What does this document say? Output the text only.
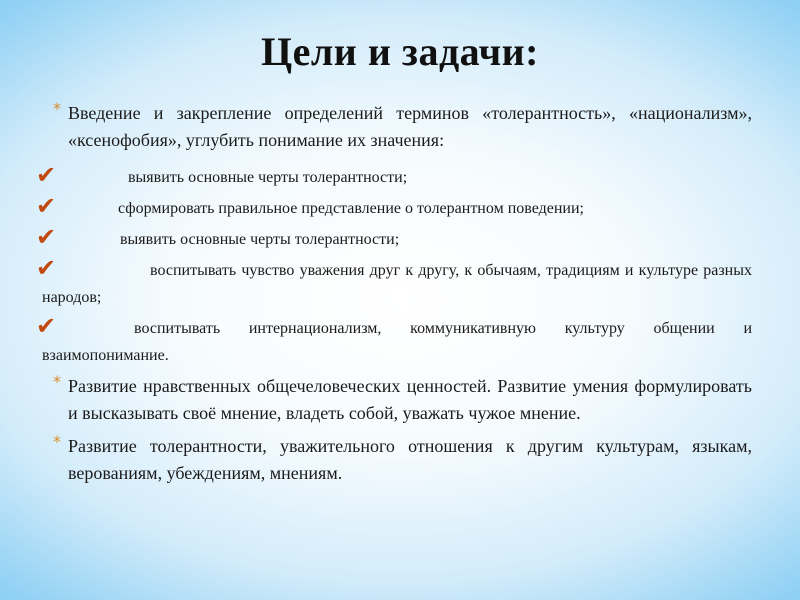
Цели и задачи:
* Введение и закрепление определений терминов «толерантность», «национализм», «ксенофобия», углубить понимание их значения:
✔	выявить основные черты толерантности;
✔	сформировать правильное представление о толерантном поведении;
✔	выявить основные черты толерантности;
✔	воспитывать чувство уважения друг к другу, к обычаям, традициям и культуре разных народов;
✔	воспитывать интернационализм, коммуникативную культуру общении и взаимопонимание.
* Развитие нравственных общечеловеческих ценностей. Развитие умения формулировать и высказывать своё мнение, владеть собой, уважать чужое мнение.
* Развитие толерантности, уважительного отношения к другим культурам, языкам, верованиям, убеждениям, мнениям.
